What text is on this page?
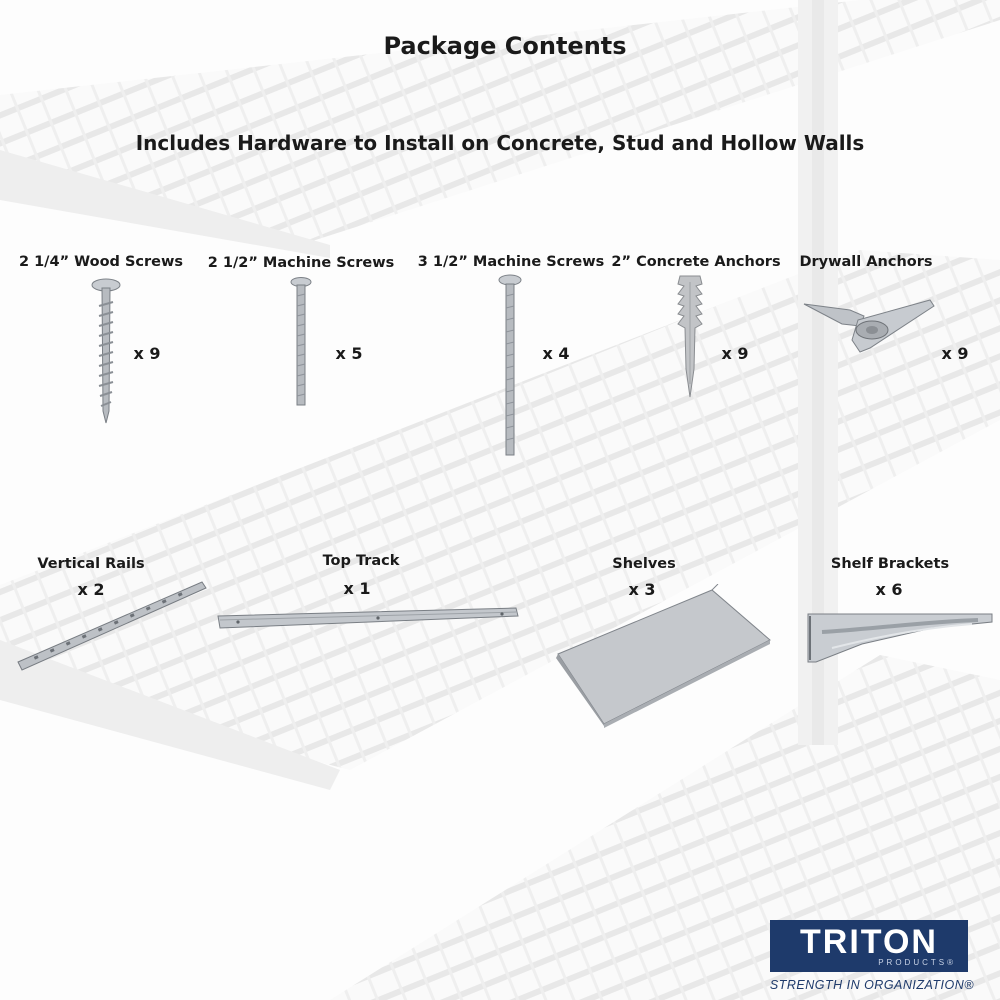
Package Contents
Includes Hardware to Install on Concrete, Stud and Hollow Walls
2 1/4” Wood Screws 2 1/2” Machine Screws 3 1/2” Machine Screws 2” Concrete Anchors Drywall Anchors
x 9	x 5	x 4	x 9	x 9
Vertical Rails
x 2
Top Track
x 1
Shelves
x 3
Shelf Brackets
x 6
TRITON
PRODUCTS®
STRENGTH IN ORGANIZATION®
